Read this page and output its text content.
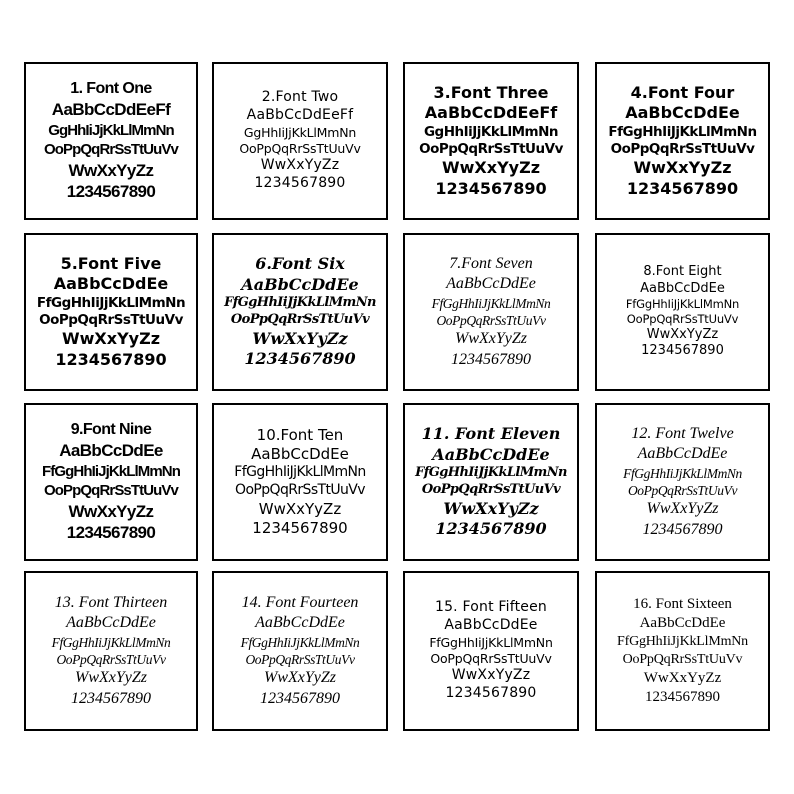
1. Font One
AaBbCcDdEeFf
GgHhIiJjKkLlMmNn
OoPpQqRrSsTtUuVv
WwXxYyZz
1234567890
2.Font Two
AaBbCcDdEeFf
GgHhIiJjKkLlMmNn
OoPpQqRrSsTtUuVv
WwXxYyZz
1234567890
3.Font Three
AaBbCcDdEeFf
GgHhIiJjKkLlMmNn
OoPpQqRrSsTtUuVv
WwXxYyZz
1234567890
4.Font Four
AaBbCcDdEe
FfGgHhIiJjKkLlMmNn
OoPpQqRrSsTtUuVv
WwXxYyZz
1234567890
5.Font Five
AaBbCcDdEe
FfGgHhIiJjKkLlMmNn
OoPpQqRrSsTtUuVv
WwXxYyZz
1234567890
6.Font Six
AaBbCcDdEe
FfGgHhIiJjKkLlMmNn
OoPpQqRrSsTtUuVv
WwXxYyZz
1234567890
7.Font Seven
AaBbCcDdEe
FfGgHhIiJjKkLlMmNn
OoPpQqRrSsTtUuVv
WwXxYyZz
1234567890
8.Font Eight
AaBbCcDdEe
FfGgHhIiJjKkLlMmNn
OoPpQqRrSsTtUuVv
WwXxYyZz
1234567890
9.Font Nine
AaBbCcDdEe
FfGgHhIiJjKkLlMmNn
OoPpQqRrSsTtUuVv
WwXxYyZz
1234567890
10.Font Ten
AaBbCcDdEe
FfGgHhIiJjKkLlMmNn
OoPpQqRrSsTtUuVv
WwXxYyZz
1234567890
11. Font Eleven
AaBbCcDdEe
FfGgHhIiJjKkLlMmNn
OoPpQqRrSsTtUuVv
WwXxYyZz
1234567890
12. Font Twelve
AaBbCcDdEe
FfGgHhIiJjKkLlMmNn
OoPpQqRrSsTtUuVv
WwXxYyZz
1234567890
13. Font Thirteen
AaBbCcDdEe
FfGgHhIiJjKkLlMmNn
OoPpQqRrSsTtUuVv
WwXxYyZz
1234567890
14. Font Fourteen
AaBbCcDdEe
FfGgHhIiJjKkLlMmNn
OoPpQqRrSsTtUuVv
WwXxYyZz
1234567890
15. Font Fifteen
AaBbCcDdEe
FfGgHhIiJjKkLlMmNn
OoPpQqRrSsTtUuVv
WwXxYyZz
1234567890
16. Font Sixteen
AaBbCcDdEe
FfGgHhIiJjKkLlMmNn
OoPpQqRrSsTtUuVv
WwXxYyZz
1234567890
